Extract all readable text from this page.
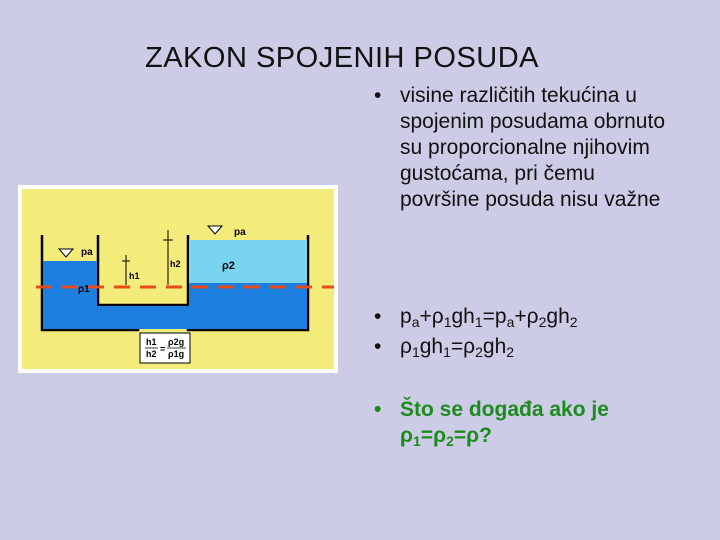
ZAKON SPOJENIH POSUDA
• visine različitih tekućina u spojenim posudama obrnuto su proporcionalne njihovim gustoćama, pri čemu površine posuda nisu važne
• $p_a+\rho_1gh_1=p_a+\rho_2gh_2$
• $\rho_1gh_1=\rho_2gh_2$
• Što se događa ako je
$\rho_1=\rho_2=\rho$?
h1
h2 =
ρ2g
ρ1g
pa
pa
h1
h2	ρ2
ρ1
